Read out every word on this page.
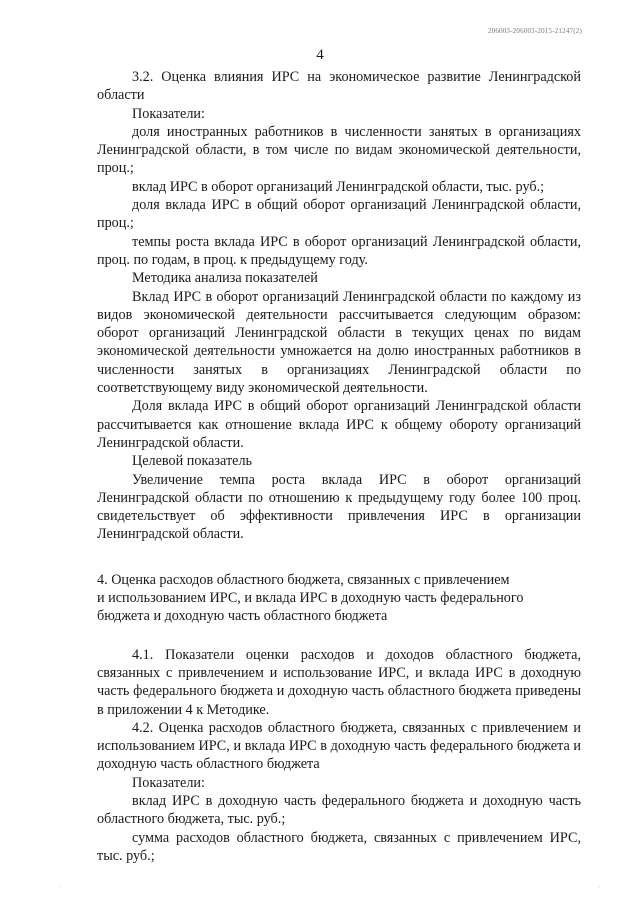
206003-206003-2015-21247(2)
4

3.2. Оценка влияния ИРС на экономическое развитие Ленинградской области

Показатели:

доля иностранных работников в численности занятых в организациях Ленинградской области, в том числе по видам экономической деятельности, проц.;

вклад ИРС в оборот организаций Ленинградской области, тыс. руб.;

доля вклада ИРС в общий оборот организаций Ленинградской области, проц.;

темпы роста вклада ИРС в оборот организаций Ленинградской области, проц. по годам, в проц. к предыдущему году.

Методика анализа показателей

Вклад ИРС в оборот организаций Ленинградской области по каждому из видов экономической деятельности рассчитывается следующим образом: оборот организаций Ленинградской области в текущих ценах по видам экономической деятельности умножается на долю иностранных работников в численности занятых в организациях Ленинградской области по соответствующему виду экономической деятельности.

Доля вклада ИРС в общий оборот организаций Ленинградской области рассчитывается как отношение вклада ИРС к общему обороту организаций Ленинградской области.

Целевой показатель

Увеличение темпа роста вклада ИРС в оборот организаций Ленинградской области по отношению к предыдущему году более 100 проц. свидетельствует об эффективности привлечения ИРС в организации Ленинградской области.

4. Оценка расходов областного бюджета, связанных с привлечением

и использованием ИРС, и вклада ИРС в доходную часть федерального

бюджета и доходную часть областного бюджета

4.1. Показатели оценки расходов и доходов областного бюджета, связанных с привлечением и использование ИРС, и вклада ИРС в доходную часть федерального бюджета и доходную часть областного бюджета приведены в приложении 4 к Методике.

4.2. Оценка расходов областного бюджета, связанных с привлечением и использованием ИРС, и вклада ИРС в доходную часть федерального бюджета и доходную часть областного бюджета

Показатели:

вклад ИРС в доходную часть федерального бюджета и доходную часть областного бюджета, тыс. руб.;

сумма расходов областного бюджета, связанных с привлечением ИРС, тыс. руб.;

·	·
